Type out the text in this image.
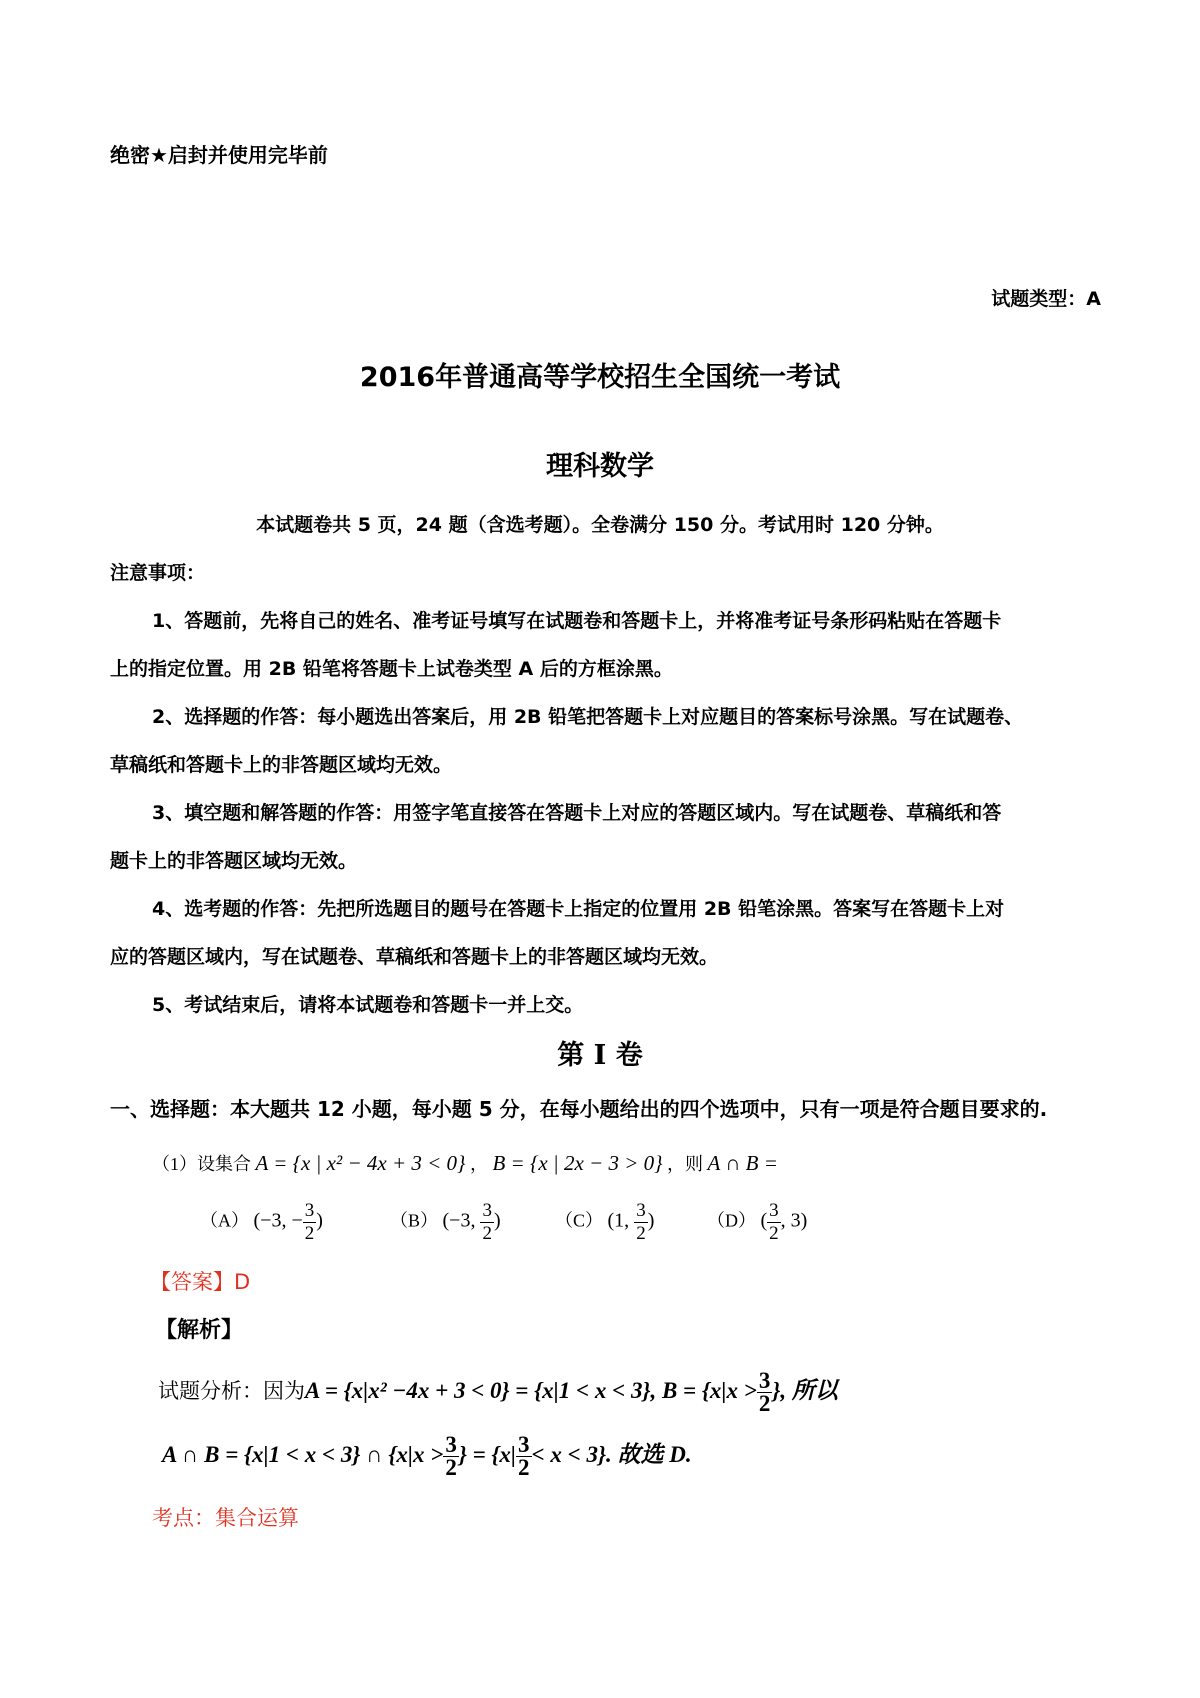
绝密★启封并使用完毕前
试题类型：A
2016年普通高等学校招生全国统一考试
理科数学
本试题卷共 5 页，24 题（含选考题）。全卷满分 150 分。考试用时 120 分钟。
注意事项：
1、答题前，先将自己的姓名、准考证号填写在试题卷和答题卡上，并将准考证号条形码粘贴在答题卡
上的指定位置。用 2B 铅笔将答题卡上试卷类型 A 后的方框涂黑。
2、选择题的作答：每小题选出答案后，用 2B 铅笔把答题卡上对应题目的答案标号涂黑。写在试题卷、
草稿纸和答题卡上的非答题区域均无效。
3、填空题和解答题的作答：用签字笔直接答在答题卡上对应的答题区域内。写在试题卷、草稿纸和答
题卡上的非答题区域均无效。
4、选考题的作答：先把所选题目的题号在答题卡上指定的位置用 2B 铅笔涂黑。答案写在答题卡上对
应的答题区域内，写在试题卷、草稿纸和答题卡上的非答题区域均无效。
5、考试结束后，请将本试题卷和答题卡一并上交。
第 I 卷
一、选择题：本大题共 12 小题，每小题 5 分，在每小题给出的四个选项中，只有一项是符合题目要求的.
（1）设集合 A = {x | x² − 4x + 3 < 0} ， B = {x | 2x − 3 > 0} ，则 A ∩ B =
（A） (−3, − $\frac{3}{2}$ )	（B） (−3, $\frac{3}{2}$ )	（C） (1, $\frac{3}{2}$ )	（D） ( $\frac{3}{2}$ , 3)
【答案】D
【解析】
试题分析：因为A = {x|x² −4x + 3 < 0} = {x|1 < x < 3}, $B = \{x|x > \frac{3}{2}$ }, 所以
A ∩ B = {x|1 < x < 3} ∩ {$x|x > \frac{3}{2}$ } = $\{x| \frac{3}{2} < x < 3\}$. 故选 D.
考点：集合运算
